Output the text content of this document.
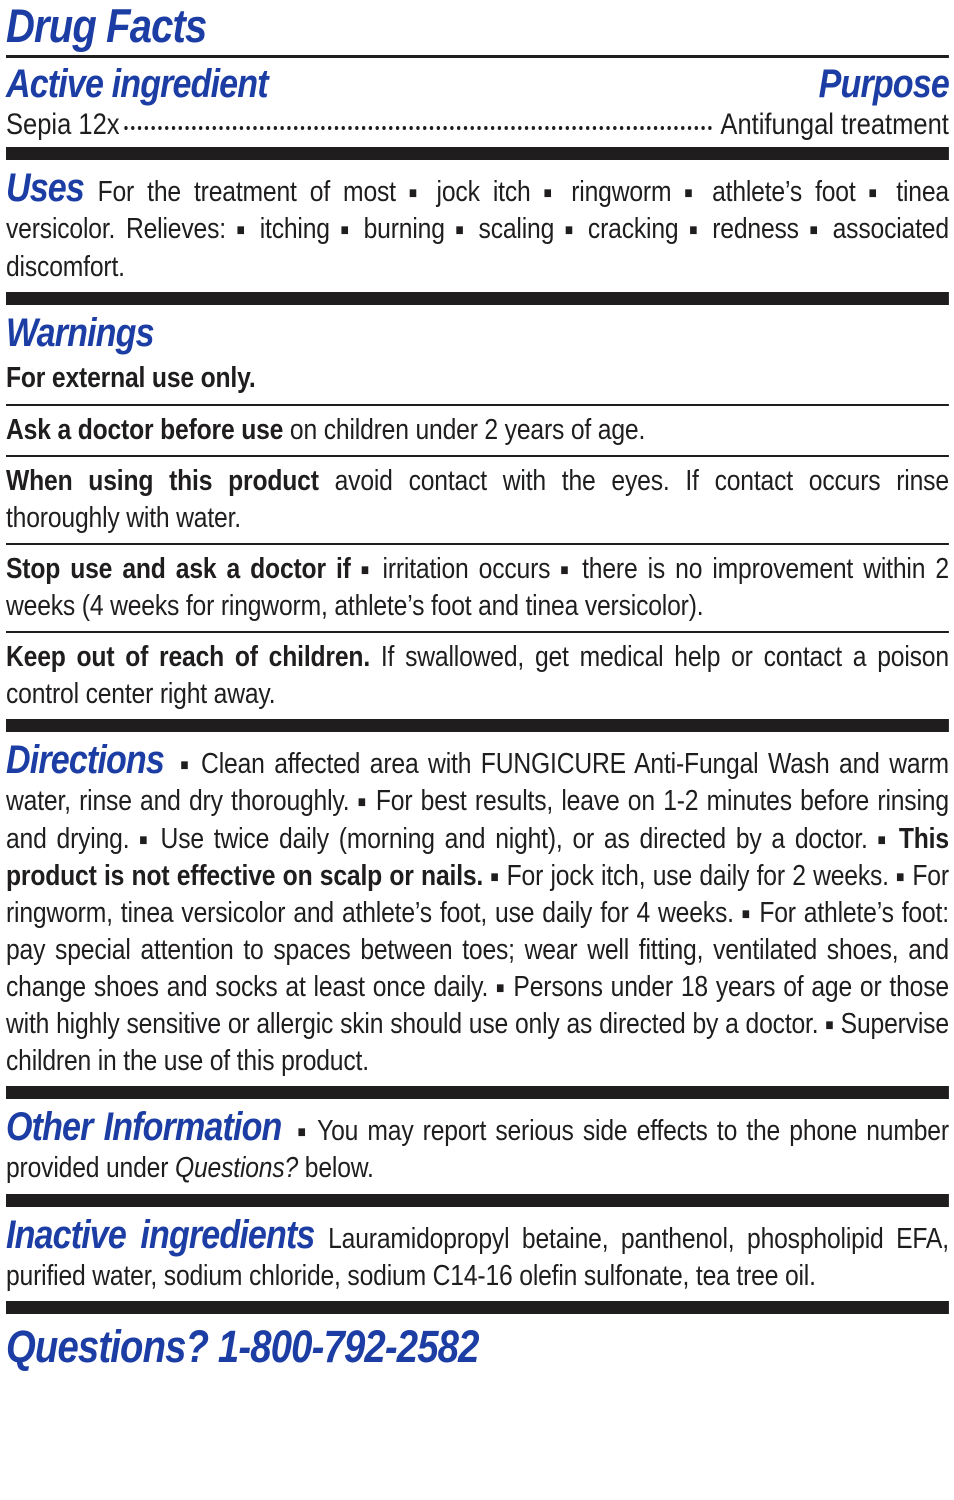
Drug Facts
Active ingredient	Purpose
Sepia 12x	Antifungal treatment

Uses For the treatment of most ■ jock itch ■ ringworm ■ athlete’s foot ■ tinea versicolor. Relieves: ■ itching ■ burning ■ scaling ■ cracking ■ redness ■ associated discomfort.

Warnings

For external use only.

Ask a doctor before use on children under 2 years of age.

When using this product avoid contact with the eyes. If contact occurs rinse thoroughly with water.

Stop use and ask a doctor if ■ irritation occurs ■ there is no improvement within 2 weeks (4 weeks for ringworm, athlete’s foot and tinea versicolor).

Keep out of reach of children. If swallowed, get medical help or contact a poison control center right away.

Directions ■ Clean affected area with FUNGICURE Anti-Fungal Wash and warm water, rinse and dry thoroughly. ■ For best results, leave on 1-2 minutes before rinsing and drying. ■ Use twice daily (morning and night), or as directed by a doctor. ■ This product is not effective on scalp or nails. ■ For jock itch, use daily for 2 weeks. ■ For ringworm, tinea versicolor and athlete’s foot, use daily for 4 weeks. ■ For athlete’s foot: pay special attention to spaces between toes; wear well fitting, ventilated shoes, and change shoes and socks at least once daily. ■ Persons under 18 years of age or those with highly sensitive or allergic skin should use only as directed by a doctor. ■ Supervise children in the use of this product.

Other Information ■ You may report serious side effects to the phone number provided under Questions? below.

Inactive ingredients Lauramidopropyl betaine, panthenol, phospholipid EFA, purified water, sodium chloride, sodium C14-16 olefin sulfonate, tea tree oil.

Questions? 1-800-792-2582
